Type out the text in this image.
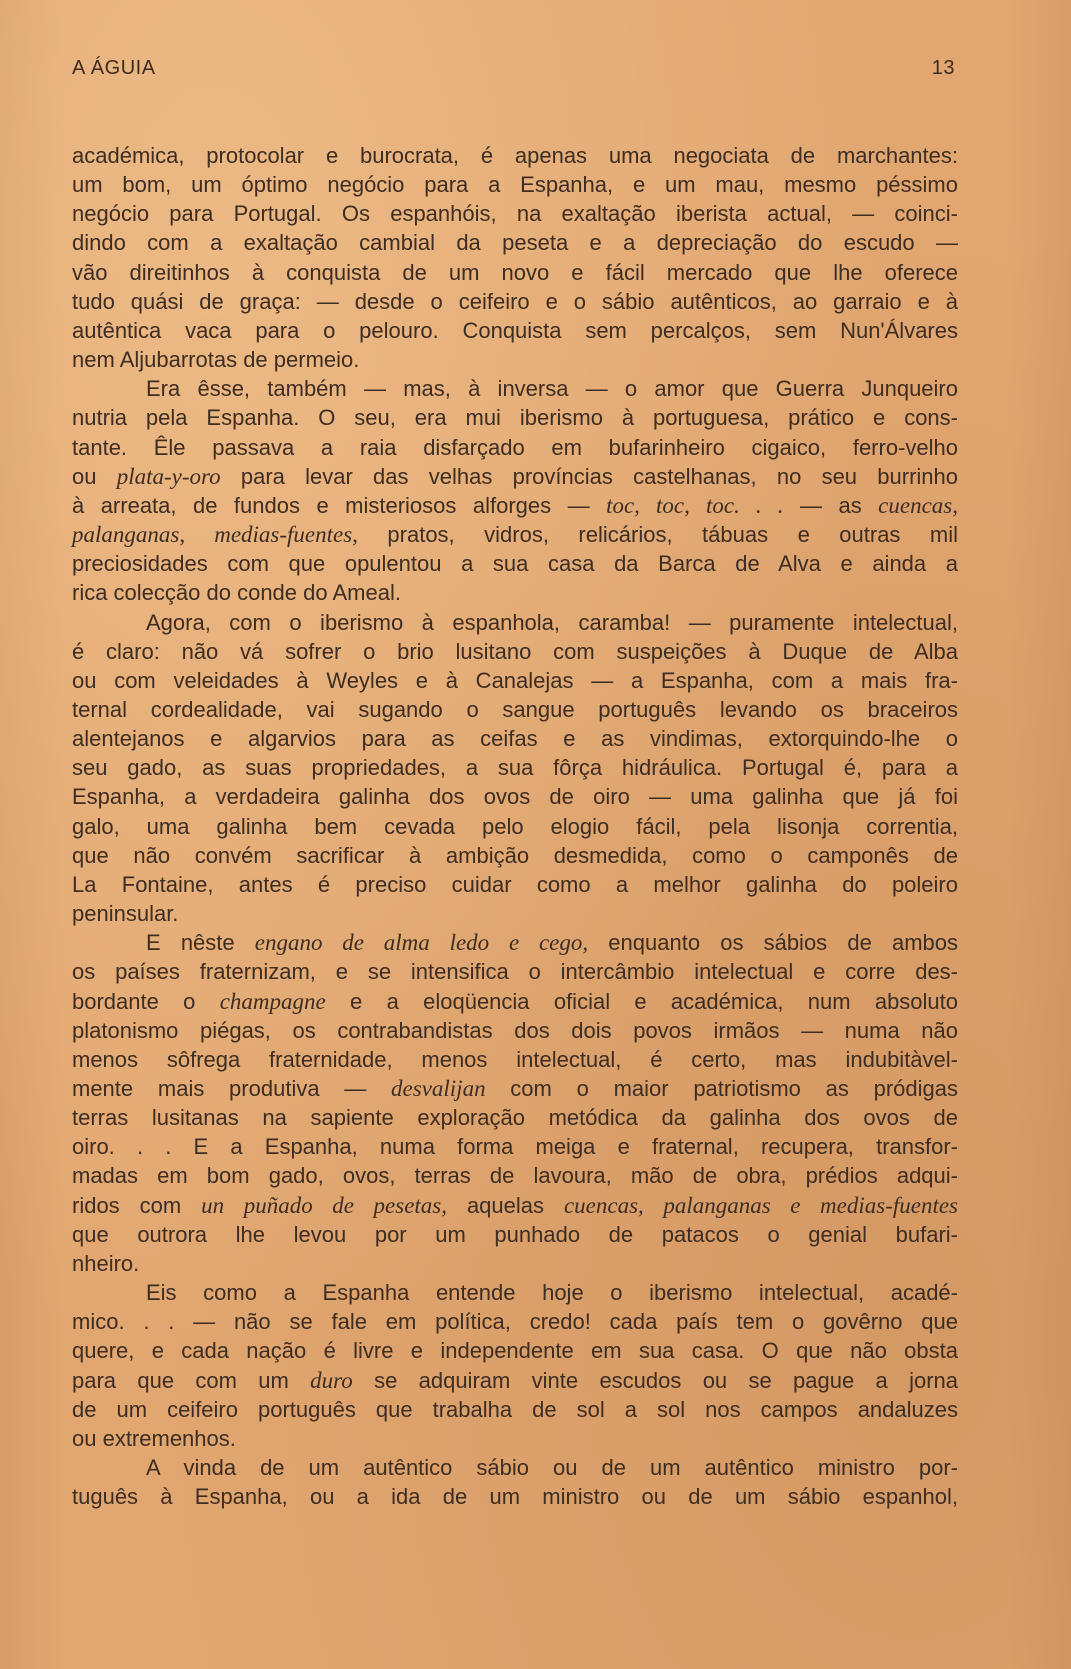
A ÁGUIA	13
académica, protocolar e burocrata, é apenas uma negociata de marchantes:
um bom, um óptimo negócio para a Espanha, e um mau, mesmo péssimo
negócio para Portugal. Os espanhóis, na exaltação iberista actual, — coinci-
dindo com a exaltação cambial da peseta e a depreciação do escudo —
vão direitinhos à conquista de um novo e fácil mercado que lhe oferece
tudo quási de graça: — desde o ceifeiro e o sábio autênticos, ao garraio e à
autêntica vaca para o pelouro. Conquista sem percalços, sem Nun'Álvares
nem Aljubarrotas de permeio.
Era êsse, também — mas, à inversa — o amor que Guerra Junqueiro
nutria pela Espanha. O seu, era mui iberismo à portuguesa, prático e cons-
tante. Êle passava a raia disfarçado em bufarinheiro cigaico, ferro-velho
ou plata-y-oro para levar das velhas províncias castelhanas, no seu burrinho
à arreata, de fundos e misteriosos alforges — toc, toc, toc. . . — as cuencas,
palanganas, medias-fuentes, pratos, vidros, relicários, tábuas e outras mil
preciosidades com que opulentou a sua casa da Barca de Alva e ainda a
rica colecção do conde do Ameal.
Agora, com o iberismo à espanhola, caramba! — puramente intelectual,
é claro: não vá sofrer o brio lusitano com suspeições à Duque de Alba
ou com veleidades à Weyles e à Canalejas — a Espanha, com a mais fra-
ternal cordealidade, vai sugando o sangue português levando os braceiros
alentejanos e algarvios para as ceifas e as vindimas, extorquindo-lhe o
seu gado, as suas propriedades, a sua fôrça hidráulica. Portugal é, para a
Espanha, a verdadeira galinha dos ovos de oiro — uma galinha que já foi
galo, uma galinha bem cevada pelo elogio fácil, pela lisonja correntia,
que não convém sacrificar à ambição desmedida, como o camponês de
La Fontaine, antes é preciso cuidar como a melhor galinha do poleiro
peninsular.
E nêste engano de alma ledo e cego, enquanto os sábios de ambos
os países fraternizam, e se intensifica o intercâmbio intelectual e corre des-
bordante o champagne e a eloqüencia oficial e académica, num absoluto
platonismo piégas, os contrabandistas dos dois povos irmãos — numa não
menos sôfrega fraternidade, menos intelectual, é certo, mas indubitàvel-
mente mais produtiva — desvalijan com o maior patriotismo as pródigas
terras lusitanas na sapiente exploração metódica da galinha dos ovos de
oiro. . . E a Espanha, numa forma meiga e fraternal, recupera, transfor-
madas em bom gado, ovos, terras de lavoura, mão de obra, prédios adqui-
ridos com un puñado de pesetas, aquelas cuencas, palanganas e medias-fuentes
que outrora lhe levou por um punhado de patacos o genial bufari-
nheiro.
Eis como a Espanha entende hoje o iberismo intelectual, acadé-
mico. . . — não se fale em política, credo! cada país tem o govêrno que
quere, e cada nação é livre e independente em sua casa. O que não obsta
para que com um duro se adquiram vinte escudos ou se pague a jorna
de um ceifeiro português que trabalha de sol a sol nos campos andaluzes
ou extremenhos.
A vinda de um autêntico sábio ou de um autêntico ministro por-
tuguês à Espanha, ou a ida de um ministro ou de um sábio espanhol,
